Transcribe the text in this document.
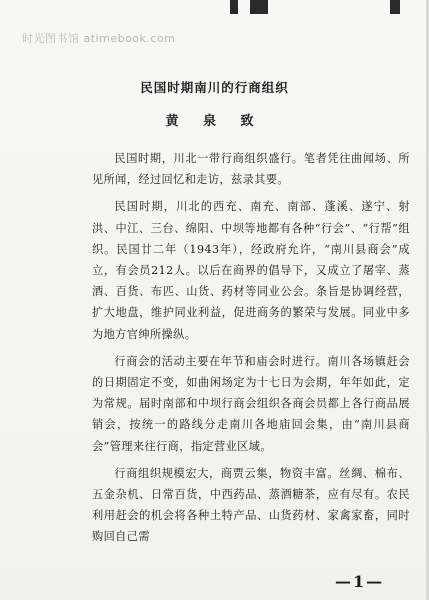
时光图书馆 atimebook.com
民国时期南川的行商组织
黄 泉 致

民国时期，川北一带行商组织盛行。笔者凭往曲闻场、所见所闻，经过回忆和走访，兹录其要。

民国时期，川北的西充、南充、南部、蓬溪、遂宁、射洪、中江、三台、绵阳、中坝等地都有各种“行会”、“行帮”组织。民国廿二年（1943年），经政府允许，“南川县商会”成立，有会员212人。以后在商界的倡导下，又成立了屠宰、蒸酒、百货、布匹、山货、药材等同业公会。条旨是协调经营，扩大地盘，维护同业利益，促进商务的繁荣与发展。同业中多为地方官绅所操纵。

行商会的活动主要在年节和庙会时进行。南川各场镇赶会的日期固定不变，如曲闲场定为十七日为会期，年年如此，定为常规。届时南部和中坝行商会组织各商会员都上各行商品展销会，按统一的路线分走南川各地庙回会集，由“南川县商会”管理来往行商，指定营业区域。

行商组织规模宏大，商贾云集，物资丰富。丝绸、棉布、五金杂机、日常百货，中西药品、蒸酒糖茶，应有尽有。农民利用赶会的机会将各种土特产品、山货药材、家禽家畜，同时购回自己需

—1—
